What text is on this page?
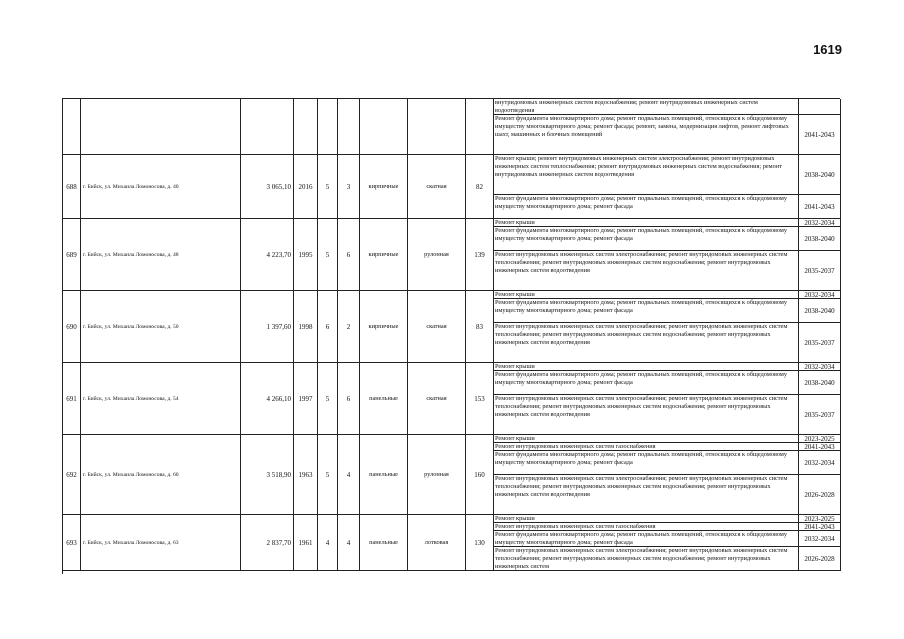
1619
внутридомовых инженерных систем водоснабжения; ремонт внутридомовых инженерных систем водоотведения
Ремонт фундамента многоквартирного дома; ремонт подвальных помещений, относящихся к общедомовому имуществу многоквартирного дома; ремонт фасада; ремонт, замена, модернизация лифтов, ремонт лифтовых шахт, машинных и блочных помещений	2041-2043
688	г. Бийск, ул. Михаила Ломоносова, д. 40	3 065,10	2016	5	3	кирпичные	скатная	82
Ремонт крыши; ремонт внутридомовых инженерных систем электроснабжения; ремонт внутридомовых инженерных систем теплоснабжения; ремонт внутридомовых инженерных систем водоснабжения; ремонт внутридомовых инженерных систем водоотведения	2038-2040
Ремонт фундамента многоквартирного дома; ремонт подвальных помещений, относящихся к общедомовому имуществу многоквартирного дома; ремонт фасада	2041-2043
689	г. Бийск, ул. Михаила Ломоносова, д. 48	4 223,70	1995	5	6	кирпичные	рулонная	139
Ремонт крыши	2032-2034
Ремонт фундамента многоквартирного дома; ремонт подвальных помещений, относящихся к общедомовому имуществу многоквартирного дома; ремонт фасада	2038-2040
Ремонт внутридомовых инженерных систем электроснабжения; ремонт внутридомовых инженерных систем теплоснабжения; ремонт внутридомовых инженерных систем водоснабжения; ремонт внутридомовых инженерных систем водоотведения	2035-2037
690	г. Бийск, ул. Михаила Ломоносова, д. 50	1 397,60	1998	6	2	кирпичные	скатная	83
Ремонт крыши	2032-2034
Ремонт фундамента многоквартирного дома; ремонт подвальных помещений, относящихся к общедомовому имуществу многоквартирного дома; ремонт фасада	2038-2040
Ремонт внутридомовых инженерных систем электроснабжения; ремонт внутридомовых инженерных систем теплоснабжения; ремонт внутридомовых инженерных систем водоснабжения; ремонт внутридомовых инженерных систем водоотведения	2035-2037
691	г. Бийск, ул. Михаила Ломоносова, д. 54	4 266,10	1997	5	6	панельные	скатная	153
Ремонт крыши	2032-2034
Ремонт фундамента многоквартирного дома; ремонт подвальных помещений, относящихся к общедомовому имуществу многоквартирного дома; ремонт фасада	2038-2040
Ремонт внутридомовых инженерных систем электроснабжения; ремонт внутридомовых инженерных систем теплоснабжения; ремонт внутридомовых инженерных систем водоснабжения; ремонт внутридомовых инженерных систем водоотведения	2035-2037
692	г. Бийск, ул. Михаила Ломоносова, д. 60	3 518,90	1963	5	4	панельные	рулонная	160
Ремонт крыши	2023-2025
Ремонт внутридомовых инженерных систем газоснабжения	2041-2043
Ремонт фундамента многоквартирного дома; ремонт подвальных помещений, относящихся к общедомовому имуществу многоквартирного дома; ремонт фасада	2032-2034
Ремонт внутридомовых инженерных систем электроснабжения; ремонт внутридомовых инженерных систем теплоснабжения; ремонт внутридомовых инженерных систем водоснабжения; ремонт внутридомовых инженерных систем водоотведения	2026-2028
693	г. Бийск, ул. Михаила Ломоносова, д. 63	2 837,70	1961	4	4	панельные	лотковая	130
Ремонт крыши	2023-2025
Ремонт внутридомовых инженерных систем газоснабжения	2041-2043
Ремонт фундамента многоквартирного дома; ремонт подвальных помещений, относящихся к общедомовому имуществу многоквартирного дома; ремонт фасада	2032-2034
Ремонт внутридомовых инженерных систем электроснабжения; ремонт внутридомовых инженерных систем теплоснабжения; ремонт внутридомовых инженерных систем водоснабжения; ремонт внутридомовых инженерных систем
2026-2028
